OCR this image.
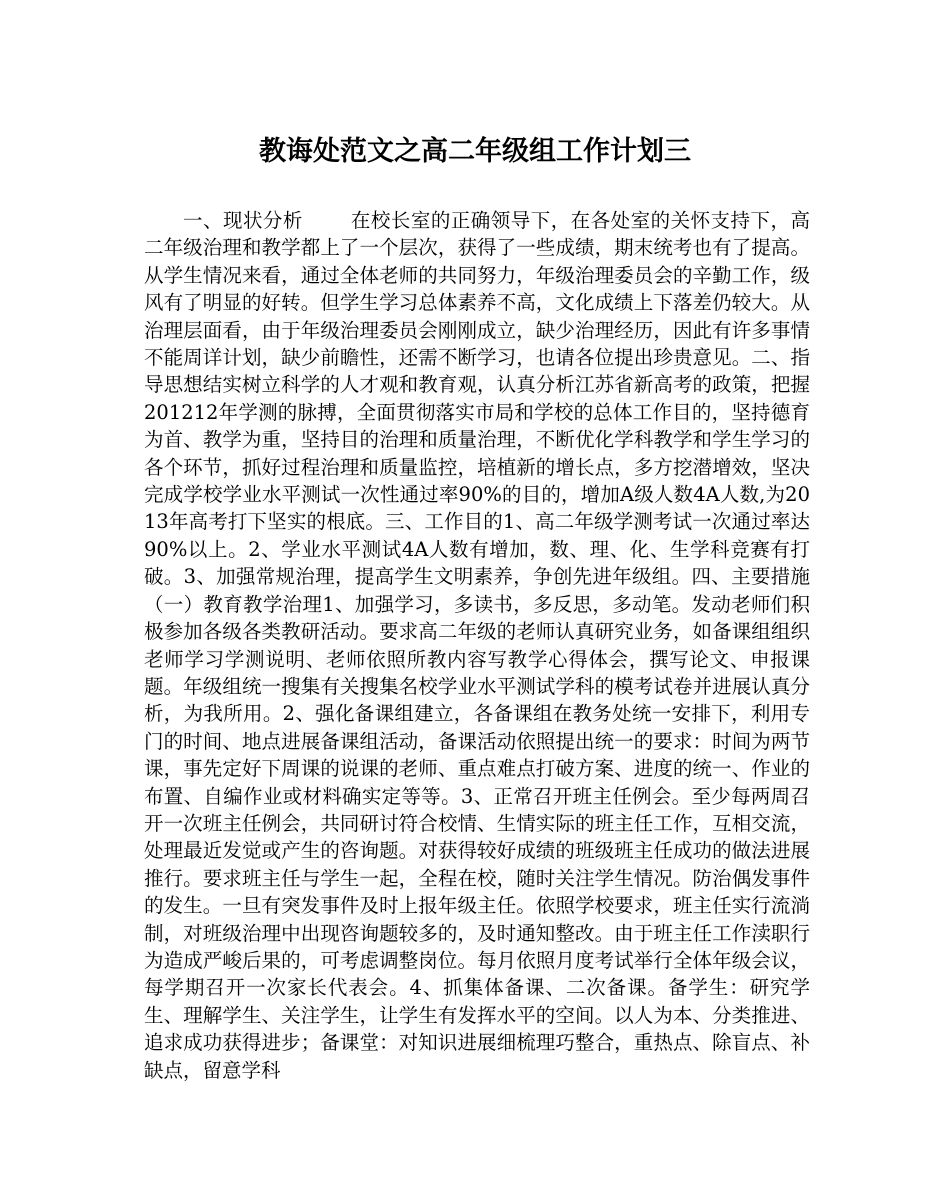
教诲处范文之高二年级组工作计划三

一、现状分析 在校长室的正确领导下，在各处室的关怀支持下，高二年级治理和教学都上了一个层次，获得了一些成绩，期末统考也有了提高。从学生情况来看，通过全体老师的共同努力，年级治理委员会的辛勤工作，级风有了明显的好转。但学生学习总体素养不高，文化成绩上下落差仍较大。从治理层面看，由于年级治理委员会刚刚成立，缺少治理经历，因此有许多事情不能周详计划，缺少前瞻性，还需不断学习，也请各位提出珍贵意见。二、指导思想结实树立科学的人才观和教育观，认真分析江苏省新高考的政策，把握201212年学测的脉搏，全面贯彻落实市局和学校的总体工作目的，坚持德育为首、教学为重，坚持目的治理和质量治理，不断优化学科教学和学生学习的各个环节，抓好过程治理和质量监控，培植新的增长点，多方挖潜增效，坚决完成学校学业水平测试一次性通过率90%的目的，增加A级人数4A人数,为2013年高考打下坚实的根底。三、工作目的1、高二年级学测考试一次通过率达90%以上。2、学业水平测试4A人数有增加，数、理、化、生学科竞赛有打破。3、加强常规治理，提高学生文明素养，争创先进年级组。四、主要措施（一）教育教学治理1、加强学习，多读书，多反思，多动笔。发动老师们积极参加各级各类教研活动。要求高二年级的老师认真研究业务，如备课组组织老师学习学测说明、老师依照所教内容写教学心得体会，撰写论文、申报课题。年级组统一搜集有关搜集名校学业水平测试学科的模考试卷并进展认真分析，为我所用。2、强化备课组建立，各备课组在教务处统一安排下，利用专门的时间、地点进展备课组活动，备课活动依照提出统一的要求：时间为两节课，事先定好下周课的说课的老师、重点难点打破方案、进度的统一、作业的布置、自编作业或材料确实定等等。3、正常召开班主任例会。至少每两周召开一次班主任例会，共同研讨符合校情、生情实际的班主任工作，互相交流，处理最近发觉或产生的咨询题。对获得较好成绩的班级班主任成功的做法进展推行。要求班主任与学生一起，全程在校，随时关注学生情况。防治偶发事件的发生。一旦有突发事件及时上报年级主任。依照学校要求，班主任实行流淌制，对班级治理中出现咨询题较多的，及时通知整改。由于班主任工作渎职行为造成严峻后果的，可考虑调整岗位。每月依照月度考试举行全体年级会议，每学期召开一次家长代表会。4、抓集体备课、二次备课。备学生：研究学生、理解学生、关注学生，让学生有发挥水平的空间。以人为本、分类推进、追求成功获得进步；备课堂：对知识进展细梳理巧整合，重热点、除盲点、补缺点，留意学科
